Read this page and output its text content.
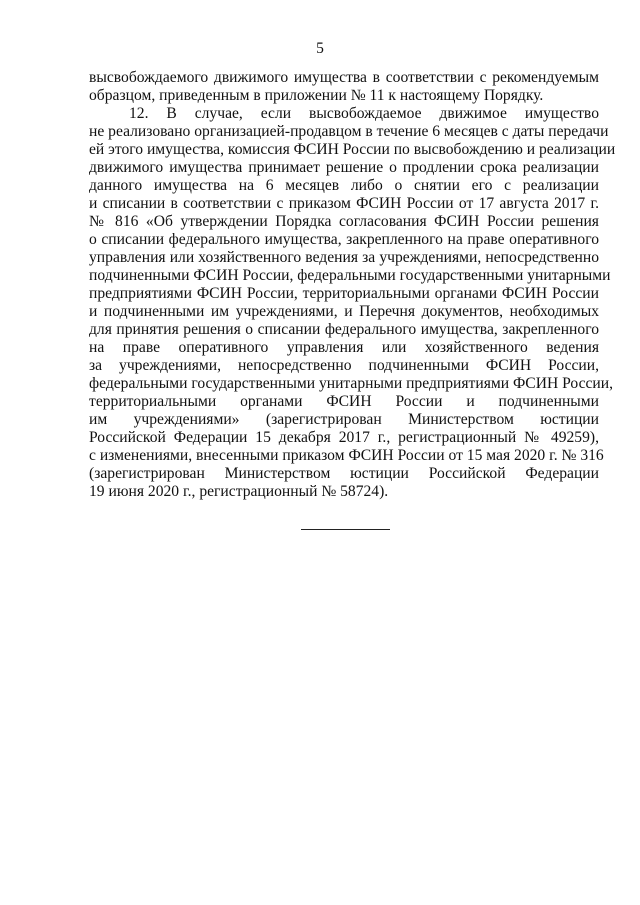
5
высвобождаемого движимого имущества в соответствии с рекомендуемым
образцом, приведенным в приложении № 11 к настоящему Порядку.
12. В случае, если высвобождаемое движимое имущество
не реализовано организацией-продавцом в течение 6 месяцев с даты передачи
ей этого имущества, комиссия ФСИН России по высвобождению и реализации
движимого имущества принимает решение о продлении срока реализации
данного имущества на 6 месяцев либо о снятии его с реализации
и списании в соответствии с приказом ФСИН России от 17 августа 2017 г.
№ 816 «Об утверждении Порядка согласования ФСИН России решения
о списании федерального имущества, закрепленного на праве оперативного
управления или хозяйственного ведения за учреждениями, непосредственно
подчиненными ФСИН России, федеральными государственными унитарными
предприятиями ФСИН России, территориальными органами ФСИН России
и подчиненными им учреждениями, и Перечня документов, необходимых
для принятия решения о списании федерального имущества, закрепленного
на праве оперативного управления или хозяйственного ведения
за учреждениями, непосредственно подчиненными ФСИН России,
федеральными государственными унитарными предприятиями ФСИН России,
территориальными органами ФСИН России и подчиненными
им учреждениями» (зарегистрирован Министерством юстиции
Российской Федерации 15 декабря 2017 г., регистрационный № 49259),
с изменениями, внесенными приказом ФСИН России от 15 мая 2020 г. № 316
(зарегистрирован Министерством юстиции Российской Федерации
19 июня 2020 г., регистрационный № 58724).
